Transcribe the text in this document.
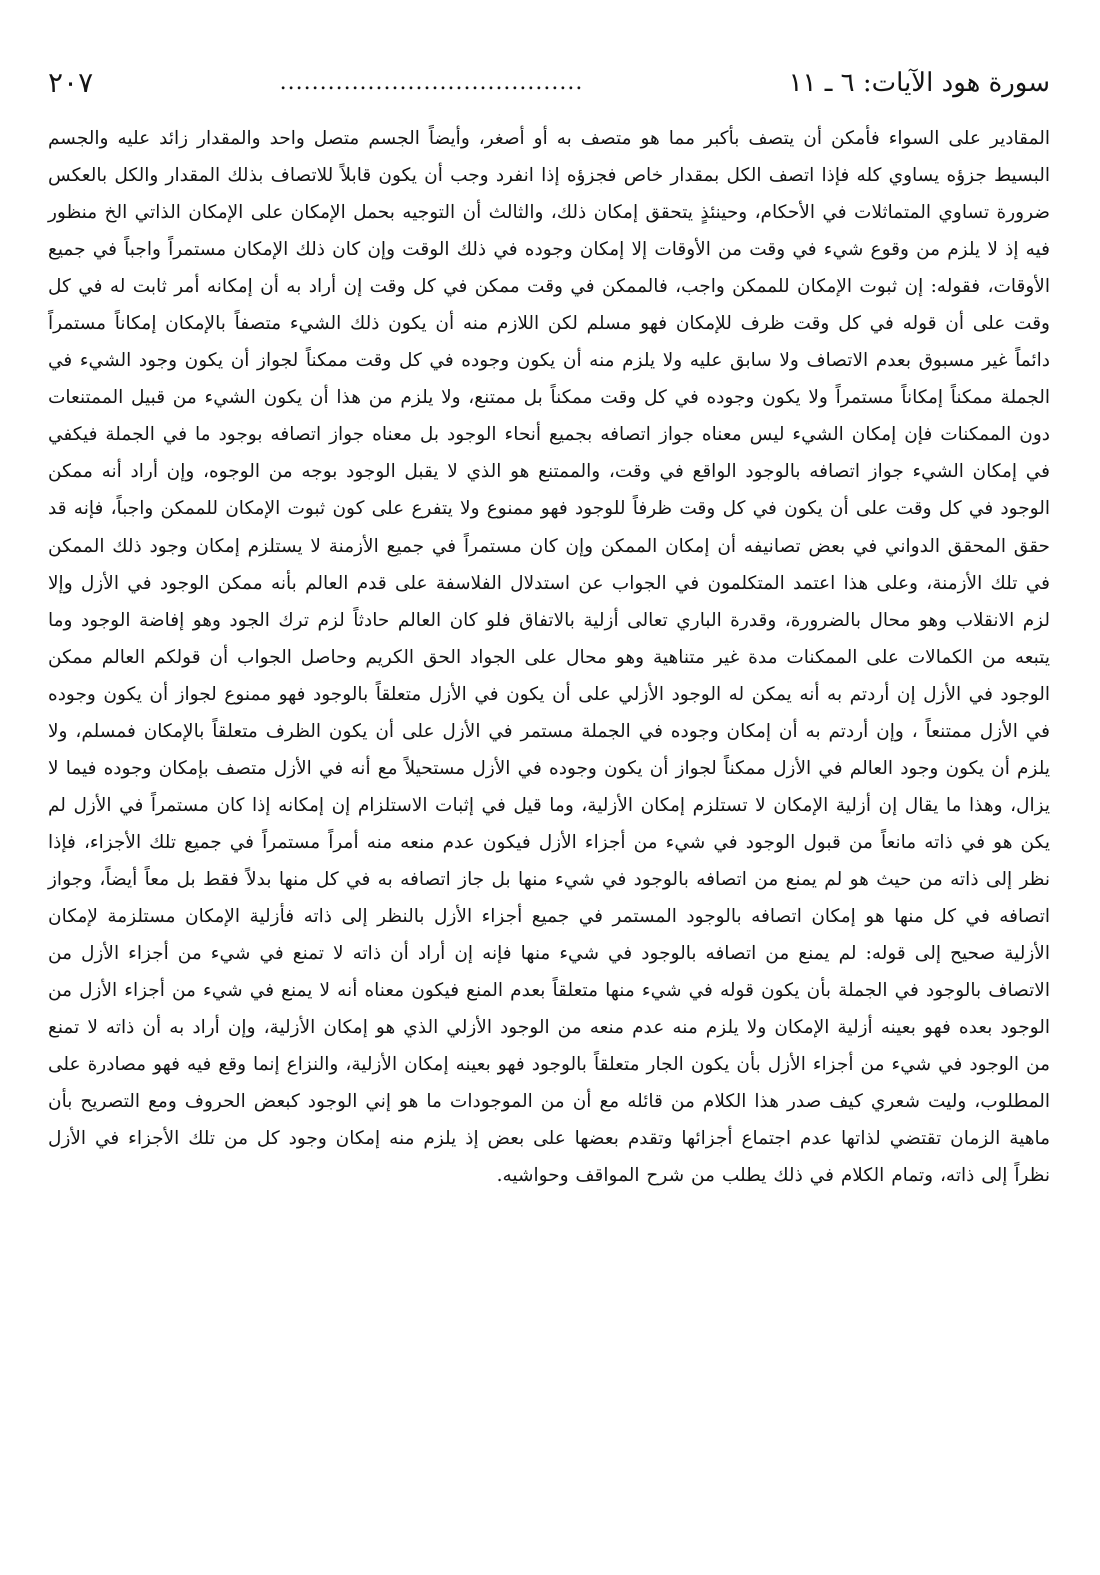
سورة هود الآيات: ٦ ـ ١١
......................................
٢٠٧

المقادير على السواء فأمكن أن يتصف بأكبر مما هو متصف به أو أصغر، وأيضاً الجسم متصل واحد والمقدار زائد عليه والجسم البسيط جزؤه يساوي كله فإذا اتصف الكل بمقدار خاص فجزؤه إذا انفرد وجب أن يكون قابلاً للاتصاف بذلك المقدار والكل بالعكس ضرورة تساوي المتماثلات في الأحكام، وحينئذٍ يتحقق إمكان ذلك، والثالث أن التوجيه بحمل الإمكان على الإمكان الذاتي الخ منظور فيه إذ لا يلزم من وقوع شيء في وقت من الأوقات إلا إمكان وجوده في ذلك الوقت وإن كان ذلك الإمكان مستمراً واجباً في جميع الأوقات، فقوله: إن ثبوت الإمكان للممكن واجب، فالممكن في وقت ممكن في كل وقت إن أراد به أن إمكانه أمر ثابت له في كل وقت على أن قوله في كل وقت ظرف للإمكان فهو مسلم لكن اللازم منه أن يكون ذلك الشيء متصفاً بالإمكان إمكاناً مستمراً دائماً غير مسبوق بعدم الاتصاف ولا سابق عليه ولا يلزم منه أن يكون وجوده في كل وقت ممكناً لجواز أن يكون وجود الشيء في الجملة ممكناً إمكاناً مستمراً ولا يكون وجوده في كل وقت ممكناً بل ممتنع، ولا يلزم من هذا أن يكون الشيء من قبيل الممتنعات دون الممكنات فإن إمكان الشيء ليس معناه جواز اتصافه بجميع أنحاء الوجود بل معناه جواز اتصافه بوجود ما في الجملة فيكفي في إمكان الشيء جواز اتصافه بالوجود الواقع في وقت، والممتنع هو الذي لا يقبل الوجود بوجه من الوجوه، وإن أراد أنه ممكن الوجود في كل وقت على أن يكون في كل وقت ظرفاً للوجود فهو ممنوع ولا يتفرع على كون ثبوت الإمكان للممكن واجباً، فإنه قد حقق المحقق الدواني في بعض تصانيفه أن إمكان الممكن وإن كان مستمراً في جميع الأزمنة لا يستلزم إمكان وجود ذلك الممكن في تلك الأزمنة، وعلى هذا اعتمد المتكلمون في الجواب عن استدلال الفلاسفة على قدم العالم بأنه ممكن الوجود في الأزل وإلا لزم الانقلاب وهو محال بالضرورة، وقدرة الباري تعالى أزلية بالاتفاق فلو كان العالم حادثاً لزم ترك الجود وهو إفاضة الوجود وما يتبعه من الكمالات على الممكنات مدة غير متناهية وهو محال على الجواد الحق الكريم وحاصل الجواب أن قولكم العالم ممكن الوجود في الأزل إن أردتم به أنه يمكن له الوجود الأزلي على أن يكون في الأزل متعلقاً بالوجود فهو ممنوع لجواز أن يكون وجوده في الأزل ممتنعاً ، وإن أردتم به أن إمكان وجوده في الجملة مستمر في الأزل على أن يكون الظرف متعلقاً بالإمكان فمسلم، ولا يلزم أن يكون وجود العالم في الأزل ممكناً لجواز أن يكون وجوده في الأزل مستحيلاً مع أنه في الأزل متصف بإمكان وجوده فيما لا يزال، وهذا ما يقال إن أزلية الإمكان لا تستلزم إمكان الأزلية، وما قيل في إثبات الاستلزام إن إمكانه إذا كان مستمراً في الأزل لم يكن هو في ذاته مانعاً من قبول الوجود في شيء من أجزاء الأزل فيكون عدم منعه منه أمراً مستمراً في جميع تلك الأجزاء، فإذا نظر إلى ذاته من حيث هو لم يمنع من اتصافه بالوجود في شيء منها بل جاز اتصافه به في كل منها بدلاً فقط بل معاً أيضاً، وجواز اتصافه في كل منها هو إمكان اتصافه بالوجود المستمر في جميع أجزاء الأزل بالنظر إلى ذاته فأزلية الإمكان مستلزمة لإمكان الأزلية صحيح إلى قوله: لم يمنع من اتصافه بالوجود في شيء منها فإنه إن أراد أن ذاته لا تمنع في شيء من أجزاء الأزل من الاتصاف بالوجود في الجملة بأن يكون قوله في شيء منها متعلقاً بعدم المنع فيكون معناه أنه لا يمنع في شيء من أجزاء الأزل من الوجود بعده فهو بعينه أزلية الإمكان ولا يلزم منه عدم منعه من الوجود الأزلي الذي هو إمكان الأزلية، وإن أراد به أن ذاته لا تمنع من الوجود في شيء من أجزاء الأزل بأن يكون الجار متعلقاً بالوجود فهو بعينه إمكان الأزلية، والنزاع إنما وقع فيه فهو مصادرة على المطلوب، وليت شعري كيف صدر هذا الكلام من قائله مع أن من الموجودات ما هو إني الوجود كبعض الحروف ومع التصريح بأن ماهية الزمان تقتضي لذاتها عدم اجتماع أجزائها وتقدم بعضها على بعض إذ يلزم منه إمكان وجود كل من تلك الأجزاء في الأزل نظراً إلى ذاته، وتمام الكلام في ذلك يطلب من شرح المواقف وحواشيه.
